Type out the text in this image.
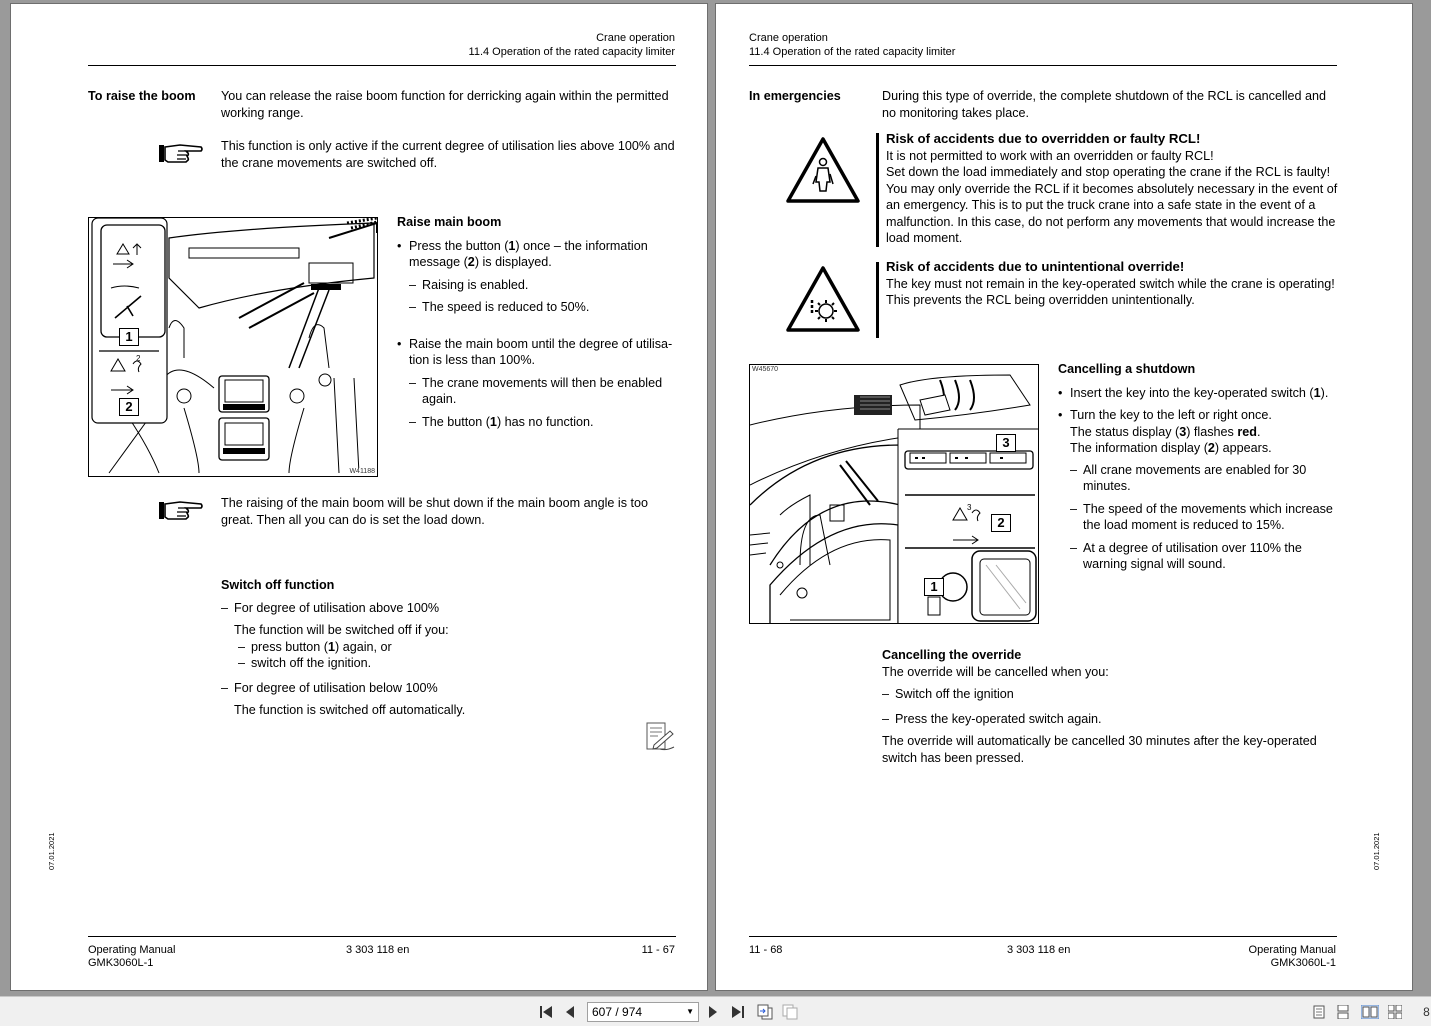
Crane operation
11.4 Operation of the rated capacity limiter
To raise the boom You can release the raise boom function for derricking again within the permitted working range.
This function is only active if the current degree of utilisation lies above 100% and the crane movements are switched off.
1
2
2
W41188
Raise main boom
• Press the button (1) once – the information message (2) is displayed.
– Raising is enabled.
– The speed is reduced to 50%.
• Raise the main boom until the degree of utilisa-tion is less than 100%.
– The crane movements will then be enabled again.
– The button (1) has no function.
The raising of the main boom will be shut down if the main boom angle is too great. Then all you can do is set the load down.
Switch off function
– For degree of utilisation above 100%
The function will be switched off if you:
– press button (1) again, or
– switch off the ignition.
– For degree of utilisation below 100%
The function is switched off automatically.
07.01.2021
Operating Manual
GMK3060L-1
3 303 118 en	11 - 67
Crane operation
11.4 Operation of the rated capacity limiter
In emergencies	During this type of override, the complete shutdown of the RCL is cancelled and no monitoring takes place.
Risk of accidents due to overridden or faulty RCL!
It is not permitted to work with an overridden or faulty RCL!
Set down the load immediately and stop operating the crane if the RCL is faulty!
You may only override the RCL if it becomes absolutely necessary in the event of an emergency. This is to put the truck crane into a safe state in the event of a malfunction. In this case, do not perform any movements that would increase the load moment.
Risk of accidents due to unintentional override!
The key must not remain in the key-operated switch while the crane is operating!
This prevents the RCL being overridden unintentionally.
3
3
2
1
W45670	Cancelling a shutdown
• Insert the key into the key-operated switch (1).
• Turn the key to the left or right once.
The status display (3) flashes red.
The information display (2) appears.
– All crane movements are enabled for 30 minutes.
– The speed of the movements which increase the load moment is reduced to 15%.
– At a degree of utilisation over 110% the warning signal will sound.
Cancelling the override
The override will be cancelled when you:
– Switch off the ignition
– Press the key-operated switch again.
The override will automatically be cancelled 30 minutes after the key-operated switch has been pressed.
07.01.2021
11 - 68	3 303 118 en	Operating Manual
GMK3060L-1
607 / 974	▼	8
